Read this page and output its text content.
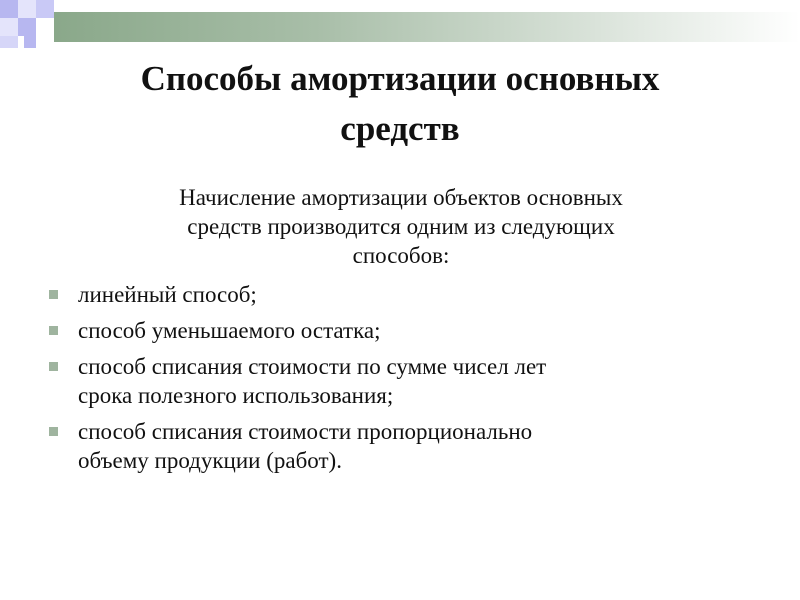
Способы амортизации основных
средств
Начисление амортизации объектов основных
средств производится одним из следующих
способов:
линейный способ;
способ уменьшаемого остатка;
способ списания стоимости по сумме чисел лет
срока полезного использования;
способ списания стоимости пропорционально
объему продукции (работ).
